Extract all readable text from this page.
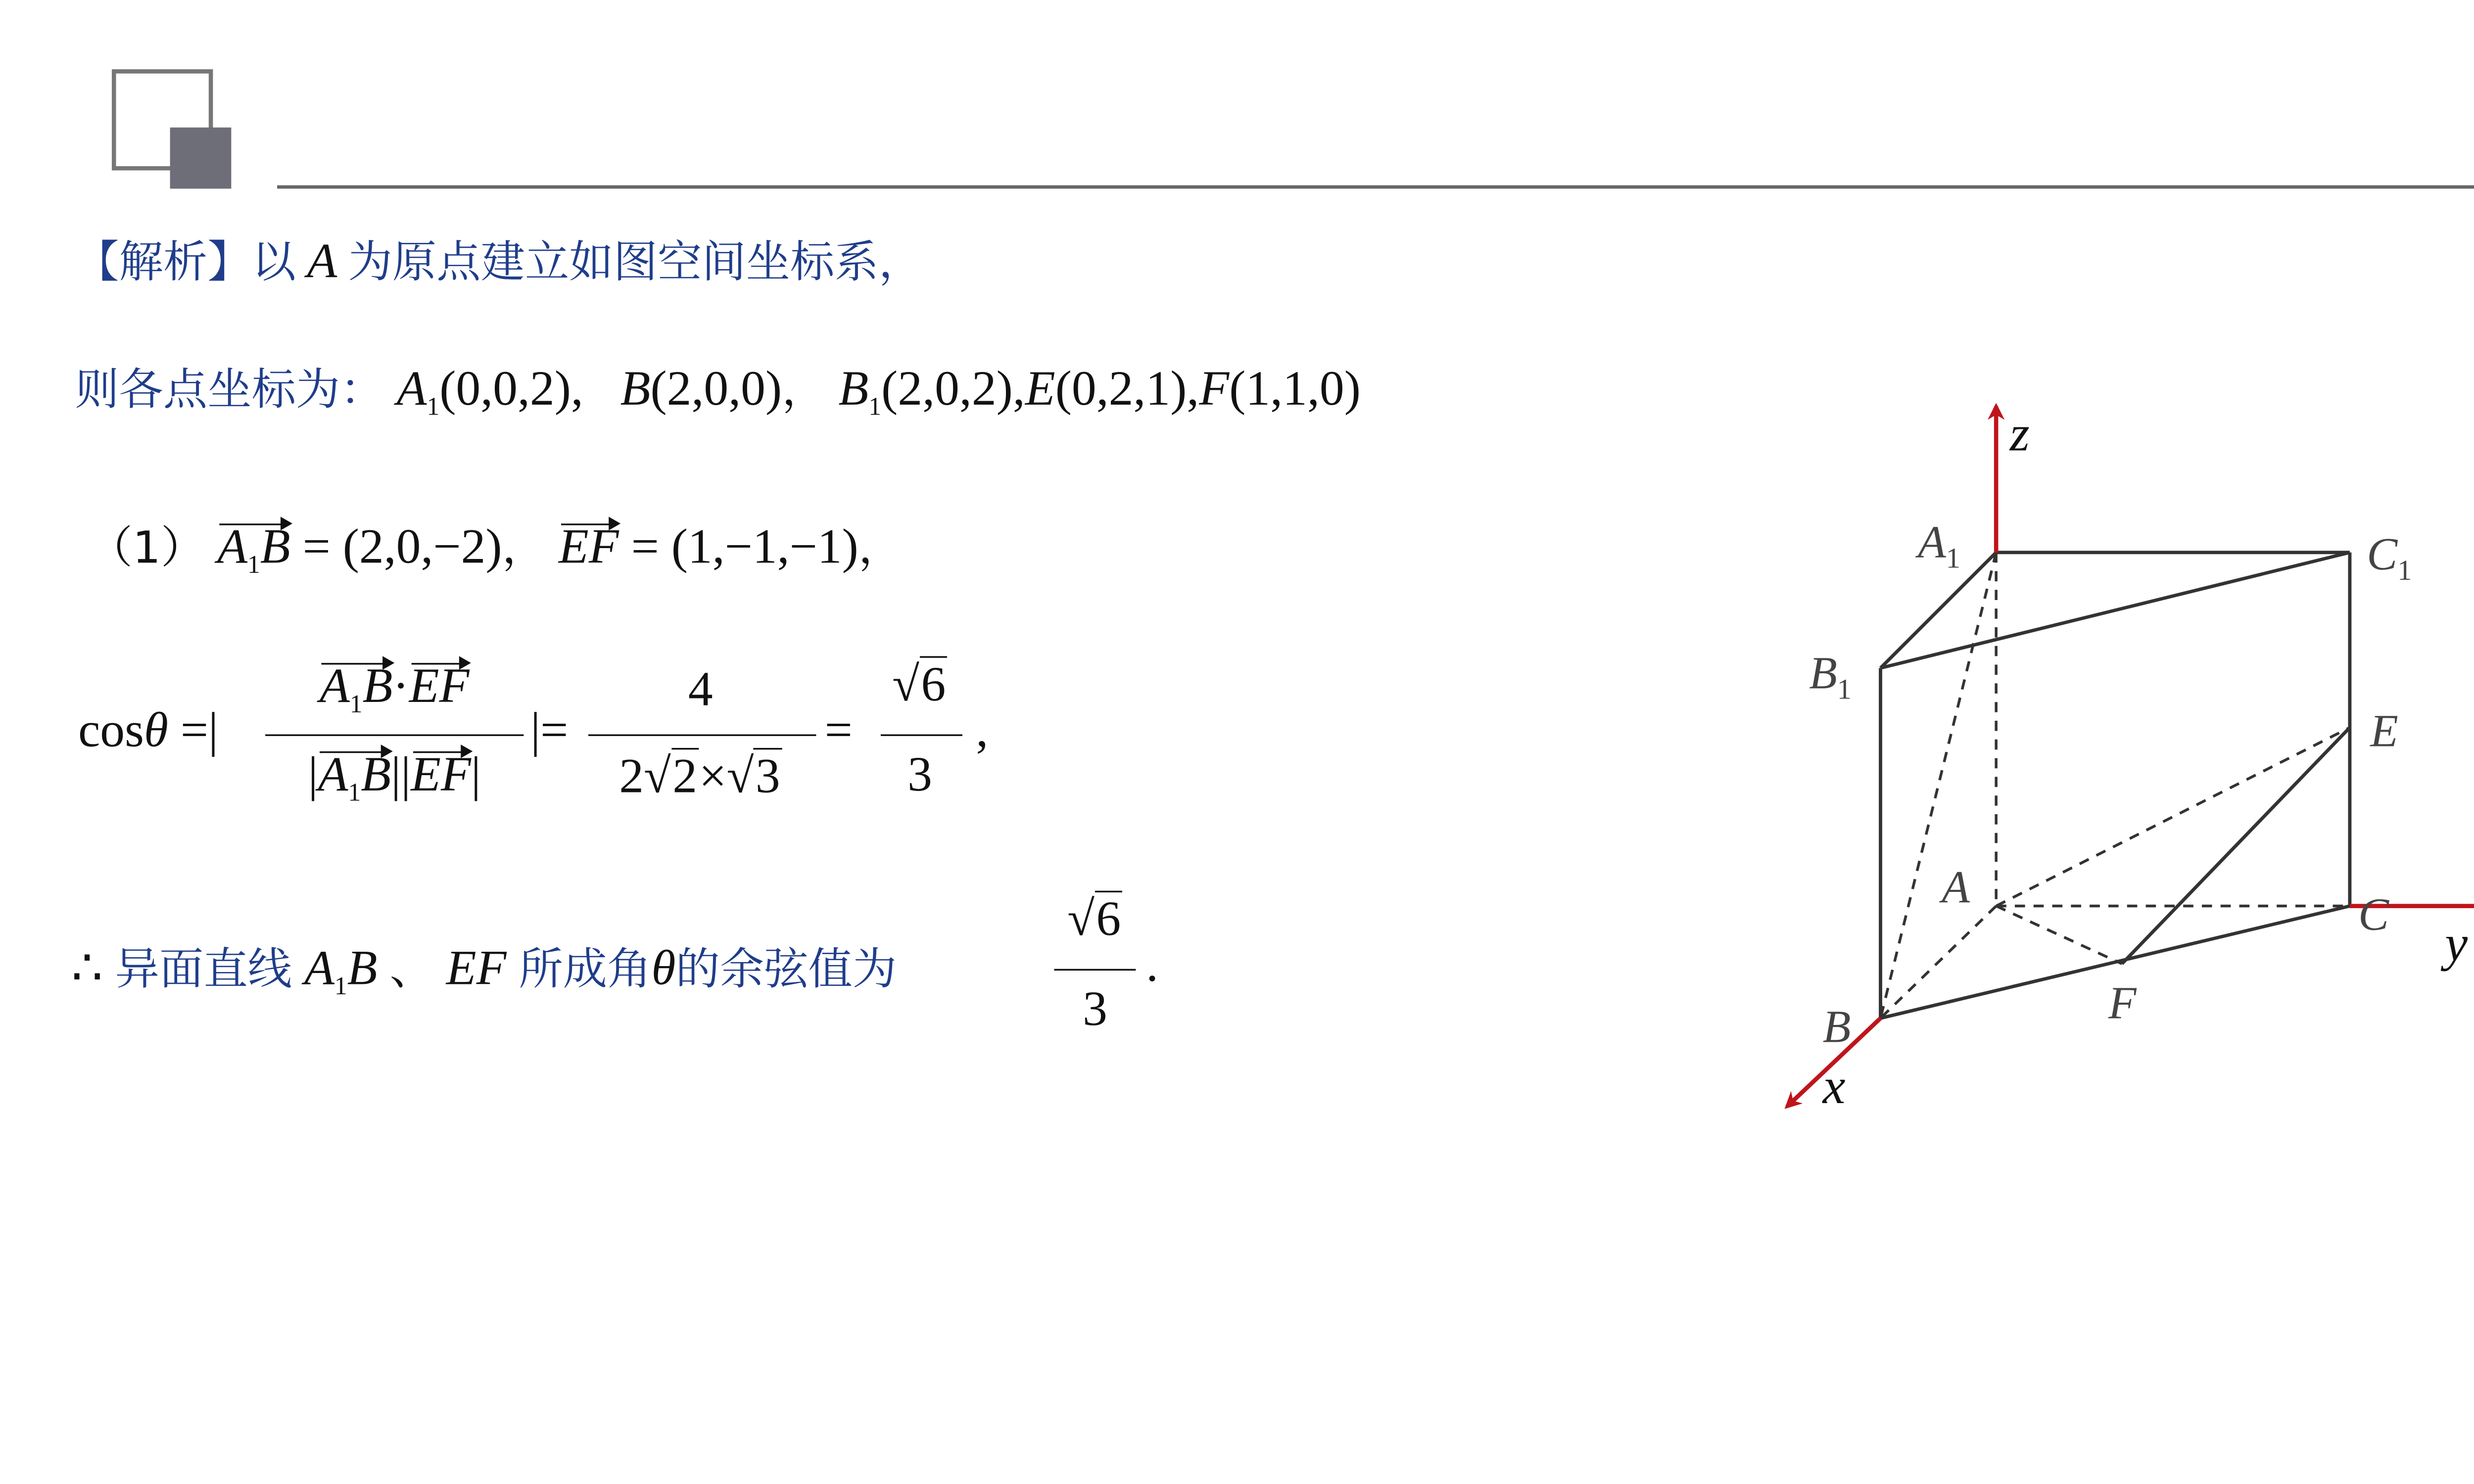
【解析】以 A 为原点建立如图空间坐标系，
则各点坐标为： $A_1(0,0,2)$,	B(2,0,0)， $B_1(2,0,2),E(0,2,1),F(1,1,0)$
（1） $A_1B = (2,0,-2)$， EF = (1,−1,−1)，
cosθ =|
$A_1B\cdot EF$
$|A_1B||EF|$
|=
4
2√ 2 ×√ 3
=
√ 6
3
,
∴ 异面直线 $A_1B$ 、 EF 所成角θ的余弦值为
√ 6
3
.
z
y
x
$A_1$	$C_1$
$B_1$
E
A
C
F
B
